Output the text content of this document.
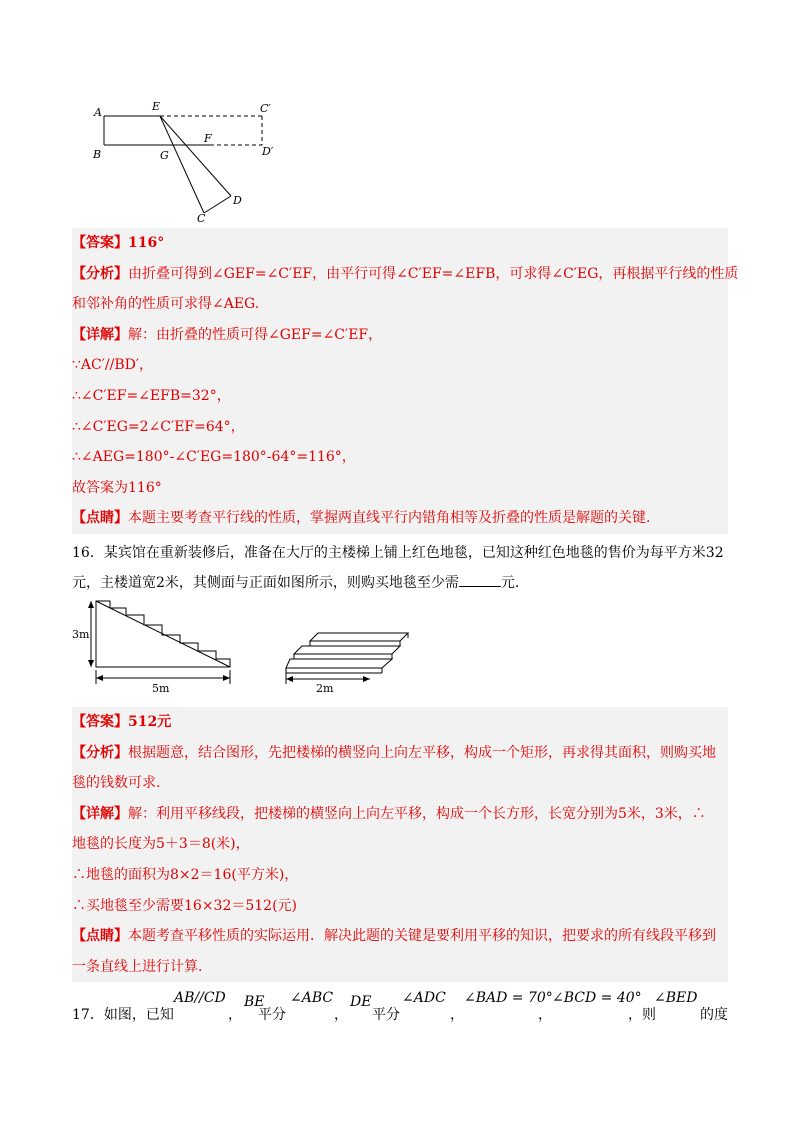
A	E	C′
B	G
F
D′
C
D
【答案】116°
【分析】由折叠可得到∠GEF=∠C′EF，由平行可得∠C′EF=∠EFB，可求得∠C′EG，再根据平行线的性质
和邻补角的性质可求得∠AEG.
【详解】解：由折叠的性质可得∠GEF=∠C′EF，
∵AC′//BD′，
∴∠C′EF=∠EFB=32°，
∴∠C′EG=2∠C′EF=64°，
∴∠AEG=180°-∠C′EG=180°-64°=116°，
故答案为116°
【点睛】本题主要考查平行线的性质，掌握两直线平行内错角相等及折叠的性质是解题的关键.
16．某宾馆在重新装修后，准备在大厅的主楼梯上铺上红色地毯，已知这种红色地毯的售价为每平方米32
元，主楼道宽2米，其侧面与正面如图所示，则购买地毯至少需	元.
3m
5m	2m
【答案】512元
【分析】根据题意，结合图形，先把楼梯的横竖向上向左平移，构成一个矩形，再求得其面积，则购买地
毯的钱数可求.
【详解】解：利用平移线段，把楼梯的横竖向上向左平移，构成一个长方形，长宽分别为5米，3米，∴
地毯的长度为5＋3＝8(米)，
∴地毯的面积为8×2＝16(平方米)，
∴买地毯至少需要16×32＝512(元)
【点睛】本题考查平移性质的实际运用．解决此题的关键是要利用平移的知识，把要求的所有线段平移到
一条直线上进行计算.
17．如图，已知
AB//CD
，
BE
平分
∠ABC
，
DE
平分
∠ADC
，
∠BAD = 70°
，
∠BCD = 40°
，则
∠BED
的度
